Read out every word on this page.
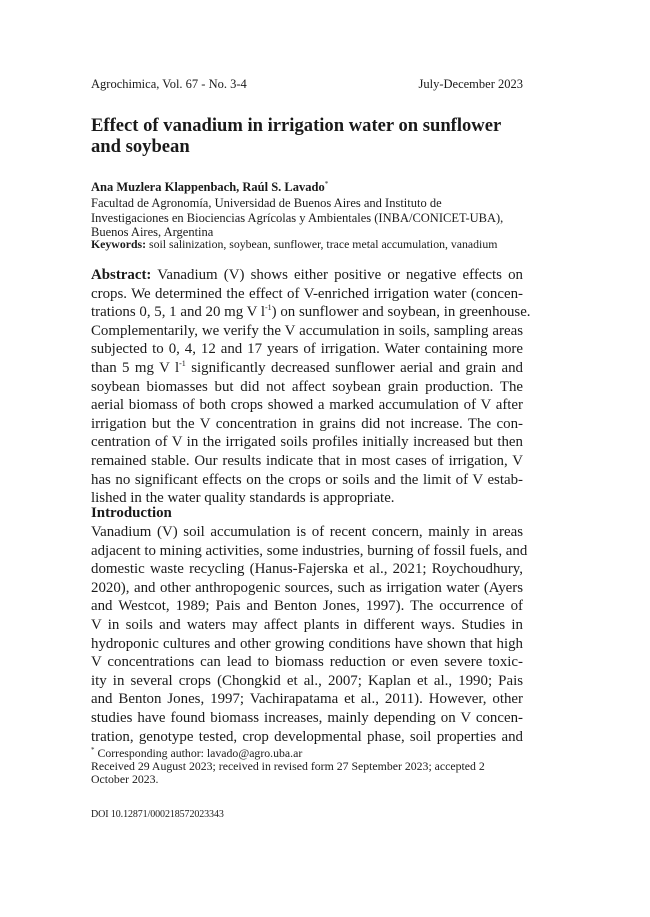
Agrochimica, Vol. 67 - No. 3-4	July-December 2023
Effect of vanadium in irrigation water on sunflower
and soybean
Ana Muzlera Klappenbach, Raúl S. Lavado*
Facultad de Agronomía, Universidad de Buenos Aires and Instituto de
Investigaciones en Biociencias Agrícolas y Ambientales (INBA/CONICET-UBA),
Buenos Aires, Argentina
Keywords: soil salinization, soybean, sunflower, trace metal accumulation, vanadium
Abstract: Vanadium (V) shows either positive or negative effects on
crops. We determined the effect of V-enriched irrigation water (concen-
trations 0, 5, 1 and 20 mg V $l^{-1}$) on sunflower and soybean, in greenhouse.
Complementarily, we verify the V accumulation in soils, sampling areas
subjected to 0, 4, 12 and 17 years of irrigation. Water containing more
than 5 mg V $l^{-1}$ significantly decreased sunflower aerial and grain and
soybean biomasses but did not affect soybean grain production. The
aerial biomass of both crops showed a marked accumulation of V after
irrigation but the V concentration in grains did not increase. The con-
centration of V in the irrigated soils profiles initially increased but then
remained stable. Our results indicate that in most cases of irrigation, V
has no significant effects on the crops or soils and the limit of V estab-
lished in the water quality standards is appropriate.
Introduction
Vanadium (V) soil accumulation is of recent concern, mainly in areas
adjacent to mining activities, some industries, burning of fossil fuels, and
domestic waste recycling (Hanus-Fajerska et al., 2021; Roychoudhury,
2020), and other anthropogenic sources, such as irrigation water (Ayers
and Westcot, 1989; Pais and Benton Jones, 1997). The occurrence of
V in soils and waters may affect plants in different ways. Studies in
hydroponic cultures and other growing conditions have shown that high
V concentrations can lead to biomass reduction or even severe toxic-
ity in several crops (Chongkid et al., 2007; Kaplan et al., 1990; Pais
and Benton Jones, 1997; Vachirapatama et al., 2011). However, other
studies have found biomass increases, mainly depending on V concen-
tration, genotype tested, crop developmental phase, soil properties and
* Corresponding author: lavado@agro.uba.ar
Received 29 August 2023; received in revised form 27 September 2023; accepted 2
October 2023.
DOI 10.12871/000218572023343
